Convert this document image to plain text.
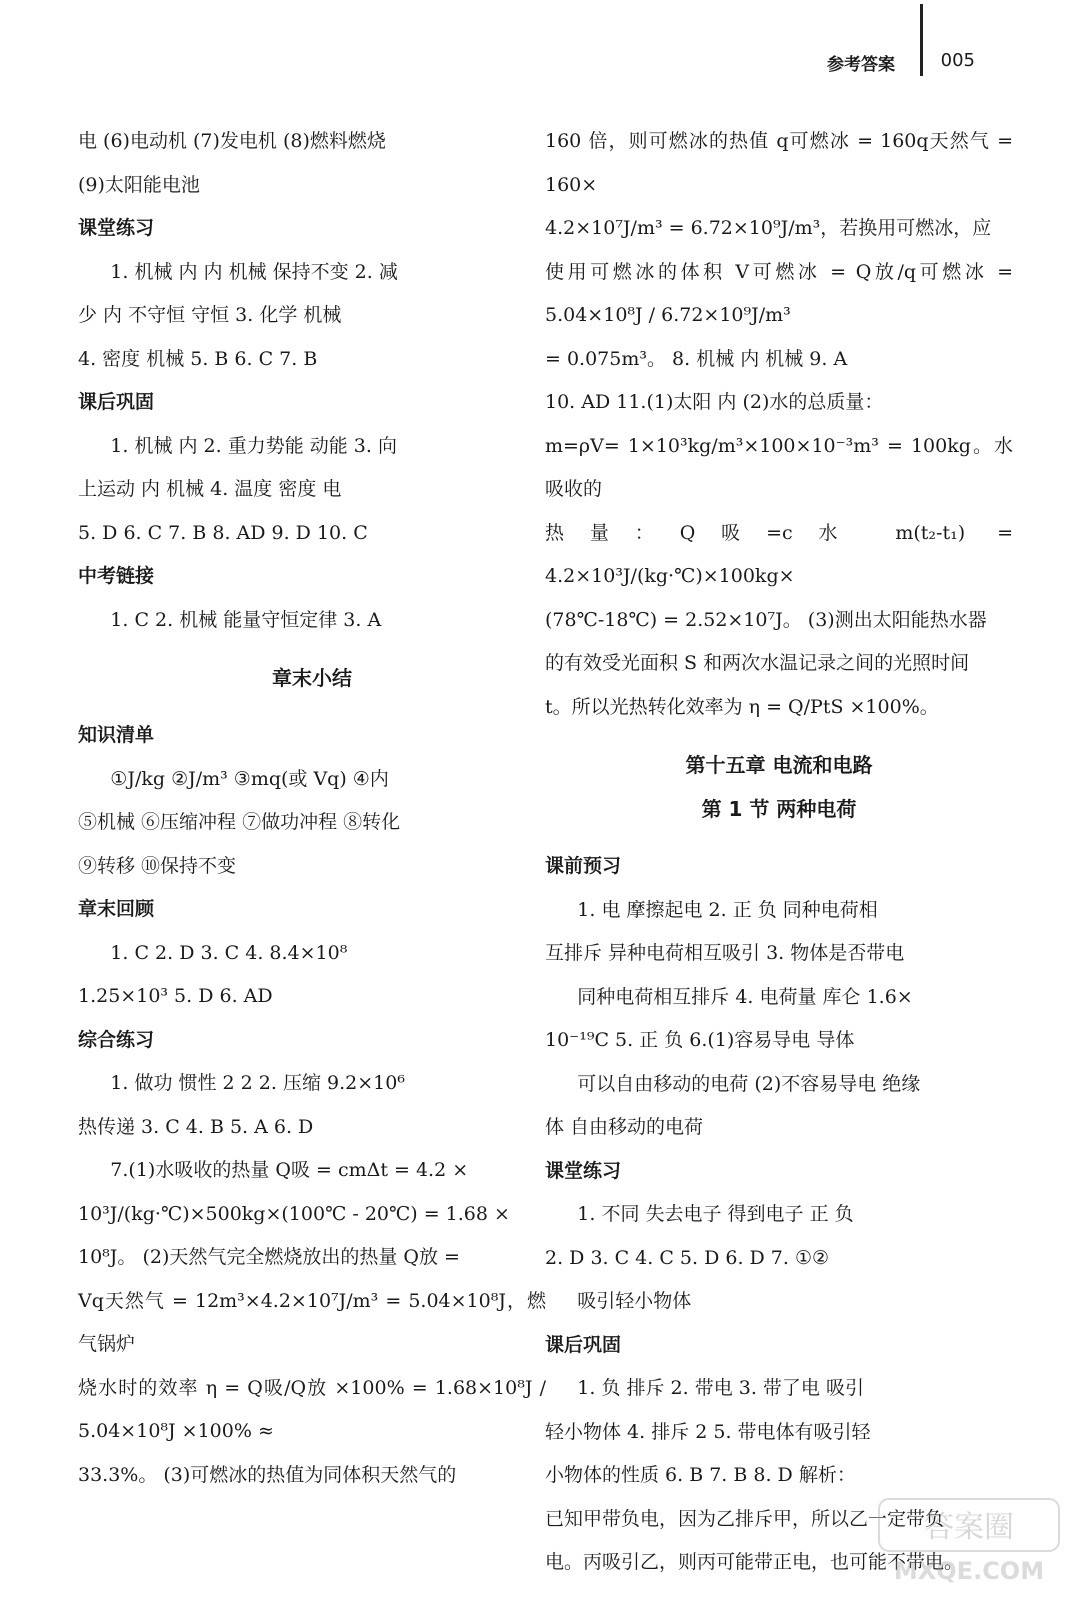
参考答案	005

电 (6)电动机 (7)发电机 (8)燃料燃烧

(9)太阳能电池

课堂练习

1. 机械 内 内 机械 保持不变 2. 减

少 内 不守恒 守恒 3. 化学 机械

4. 密度 机械 5. B 6. C 7. B

课后巩固

1. 机械 内 2. 重力势能 动能 3. 向

上运动 内 机械 4. 温度 密度 电

5. D 6. C 7. B 8. AD 9. D 10. C

中考链接

1. C 2. 机械 能量守恒定律 3. A

章末小结

知识清单

①J/kg ②J/m³ ③mq(或 Vq) ④内

⑤机械 ⑥压缩冲程 ⑦做功冲程 ⑧转化

⑨转移 ⑩保持不变

章末回顾

1. C 2. D 3. C 4. 8.4×10⁸

1.25×10³ 5. D 6. AD

综合练习

1. 做功 惯性 2 2 2. 压缩 9.2×10⁶

热传递 3. C 4. B 5. A 6. D

7.(1)水吸收的热量 Q吸 = cmΔt = 4.2 ×

10³J/(kg·℃)×500kg×(100℃ - 20℃) = 1.68 ×

10⁸J。 (2)天然气完全燃烧放出的热量 Q放 =

Vq天然气 = 12m³×4.2×10⁷J/m³ = 5.04×10⁸J，燃气锅炉

烧水时的效率 η = Q吸/Q放 ×100% = 1.68×10⁸J / 5.04×10⁸J ×100% ≈

33.3%。 (3)可燃冰的热值为同体积天然气的

160 倍，则可燃冰的热值 q可燃冰 = 160q天然气 = 160×

4.2×10⁷J/m³ = 6.72×10⁹J/m³，若换用可燃冰，应

使用可燃冰的体积 V可燃冰 = Q放/q可燃冰 = 5.04×10⁸J / 6.72×10⁹J/m³

= 0.075m³。 8. 机械 内 机械 9. A

10. AD 11.(1)太阳 内 (2)水的总质量：

m=ρV= 1×10³kg/m³×100×10⁻³m³ = 100kg。水吸收的

热量：Q吸=c水 m(t₂-t₁) = 4.2×10³J/(kg·℃)×100kg×

(78℃-18℃) = 2.52×10⁷J。 (3)测出太阳能热水器

的有效受光面积 S 和两次水温记录之间的光照时间

t。所以光热转化效率为 η = Q/PtS ×100%。

第十五章 电流和电路

第 1 节 两种电荷

课前预习

1. 电 摩擦起电 2. 正 负 同种电荷相

互排斥 异种电荷相互吸引 3. 物体是否带电

同种电荷相互排斥 4. 电荷量 库仑 1.6×

10⁻¹⁹C 5. 正 负 6.(1)容易导电 导体

可以自由移动的电荷 (2)不容易导电 绝缘

体 自由移动的电荷

课堂练习

1. 不同 失去电子 得到电子 正 负

2. D 3. C 4. C 5. D 6. D 7. ①②

吸引轻小物体

课后巩固

1. 负 排斥 2. 带电 3. 带了电 吸引

轻小物体 4. 排斥 2 5. 带电体有吸引轻

小物体的性质 6. B 7. B 8. D 解析：

已知甲带负电，因为乙排斥甲，所以乙一定带负

电。丙吸引乙，则丙可能带正电，也可能不带电。

答案圈
MXQE.COM
